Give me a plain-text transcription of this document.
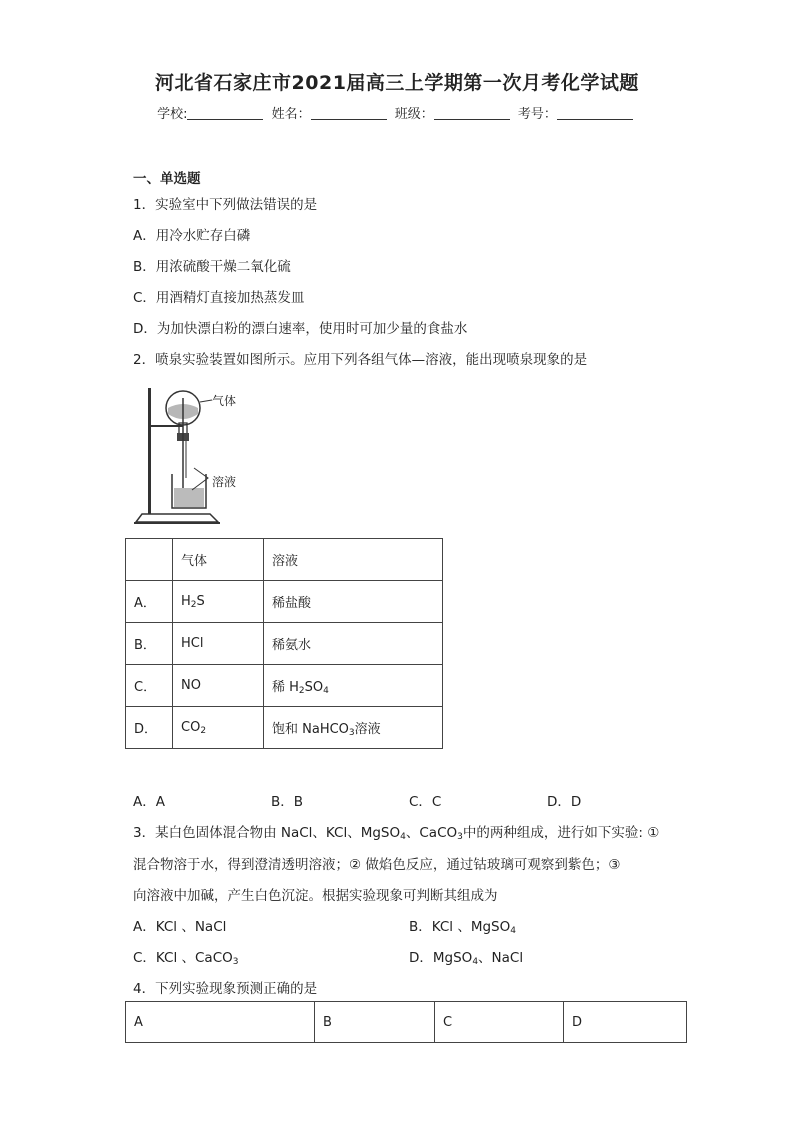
河北省石家庄市2021届高三上学期第一次月考化学试题
学校:	姓名：	班级：	考号：
一、单选题
1．实验室中下列做法错误的是
A．用冷水贮存白磷
B．用浓硫酸干燥二氧化硫
C．用酒精灯直接加热蒸发皿
D．为加快漂白粉的漂白速率，使用时可加少量的食盐水
2．喷泉实验装置如图所示。应用下列各组气体—溶液，能出现喷泉现象的是
气体
溶液
	气体	溶液
A．	$H_2S$	稀盐酸
B．	HCl	稀氨水
C．	NO	稀 $H_2SO_4$
D．	$CO_2$	饱和 NaHCO$_3$溶液
A．A	B．B	C．C	D．D
3．某白色固体混合物由 NaCl、KCl、MgSO$_4$、CaCO$_3$中的两种组成，进行如下实验: ①
混合物溶于水，得到澄清透明溶液；② 做焰色反应，通过钴玻璃可观察到紫色；③
向溶液中加碱，产生白色沉淀。根据实验现象可判断其组成为
A．KCl 、NaCl	B．KCl 、MgSO$_4$
C．KCl 、CaCO$_3$	D．MgSO$_4$、NaCl
4．下列实验现象预测正确的是
A	B	C	D
